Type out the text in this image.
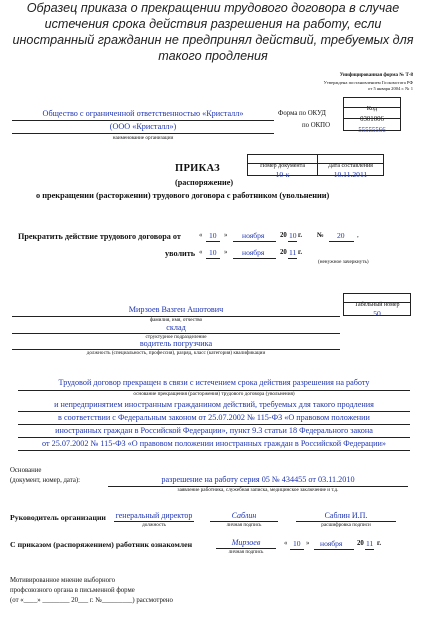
Образец приказа о прекращении трудового договора в случае истечения срока действия разрешения на работу, если иностранный гражданин не предпринял действий, требуемых для такого продления
Унифицированная форма № Т-8
Утверждена постановлением Госкомстата РФ
от 5 января 2004 г. № 1
Код
Форма по ОКУД
0301006
по ОКПО
55555566
Общество с ограниченной ответственностью «Кристалл»
(ООО «Кристалл»)
наименование организации
Номер документа	Дата составления
10-к	10.11.2011
ПРИКАЗ
(распоряжение)
о прекращении (расторжении) трудового договора с работником (увольнении)
Прекратить действие трудового договора от	« 10 » ноября 20 10 г. № 20 ,
уволить « 10 » ноября 20 11 г.
(ненужное зачеркнуть)
Табельный номер
50
Мирзоев Вазген Ашотович
фамилия, имя, отчество
склад
структурное подразделение
водитель погрузчика
должность (специальность, профессия), разряд, класс (категория) квалификации
Трудовой договор прекращен в связи с истечением срока действия разрешения на работу
основание прекращения (расторжения) трудового договора (увольнения)
и непредпринятием иностранным гражданином действий, требуемых для такого продления
в соответствии с Федеральным законом от 25.07.2002 № 115-ФЗ «О правовом положении
иностранных граждан в Российской Федерации», пункт 9.3 статьи 18 Федерального закона
от 25.07.2002 № 115-ФЗ «О правовом положении иностранных граждан в Российской Федерации»
Основание
(документ, номер, дата):	разрешение на работу серия 05 № 434455 от 03.11.2010
заявление работника, служебная записка, медицинское заключение и т.д.
Руководитель организации генеральный директор
должность
Саблин
личная подпись
Саблин И.П.
расшифровка подписи
С приказом (распоряжением) работник ознакомлен	Мирзоев
личная подпись
« 10 » ноября 20 11 г.
Мотивированное мнение выборного
профсоюзного органа в письменной форме
(от «____» ________ 20___ г. №_________) рассмотрено
